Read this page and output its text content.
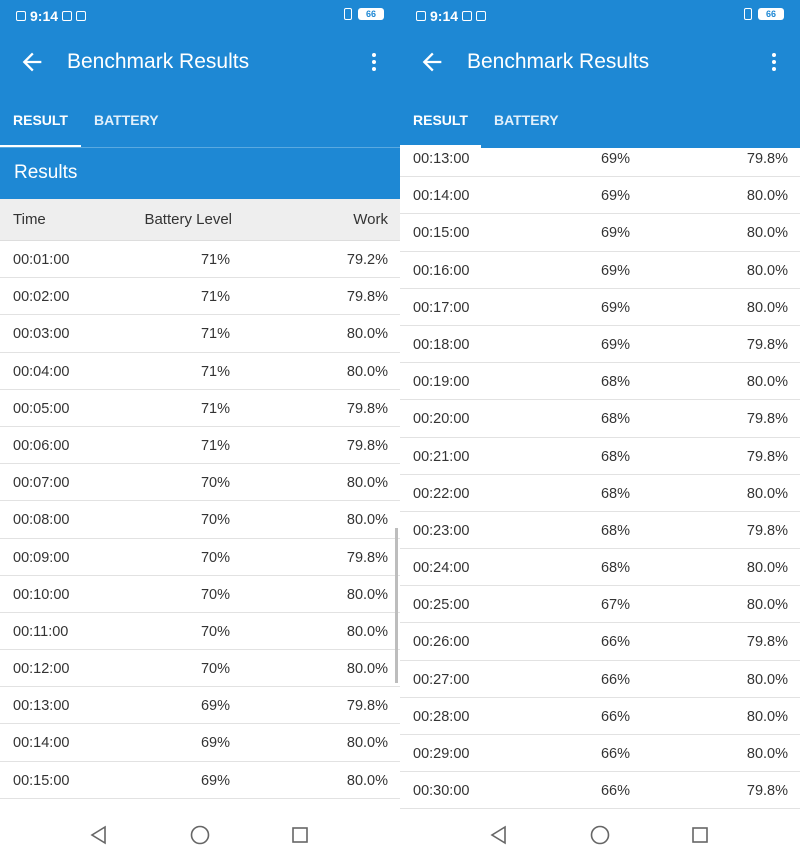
9:14	66
Benchmark Results
RESULT BATTERY
Results
Time	Battery Level	Work
00:01:00	71%	79.2%
00:02:00	71%	79.8%
00:03:00	71%	80.0%
00:04:00	71%	80.0%
00:05:00	71%	79.8%
00:06:00	71%	79.8%
00:07:00	70%	80.0%
00:08:00	70%	80.0%
00:09:00	70%	79.8%
00:10:00	70%	80.0%
00:11:00	70%	80.0%
00:12:00	70%	80.0%
00:13:00	69%	79.8%
00:14:00	69%	80.0%
00:15:00	69%	80.0%
9:14	66
Benchmark Results
RESULT BATTERY
00:13:00	69%	79.8%
00:14:00	69%	80.0%
00:15:00	69%	80.0%
00:16:00	69%	80.0%
00:17:00	69%	80.0%
00:18:00	69%	79.8%
00:19:00	68%	80.0%
00:20:00	68%	79.8%
00:21:00	68%	79.8%
00:22:00	68%	80.0%
00:23:00	68%	79.8%
00:24:00	68%	80.0%
00:25:00	67%	80.0%
00:26:00	66%	79.8%
00:27:00	66%	80.0%
00:28:00	66%	80.0%
00:29:00	66%	80.0%
00:30:00	66%	79.8%
